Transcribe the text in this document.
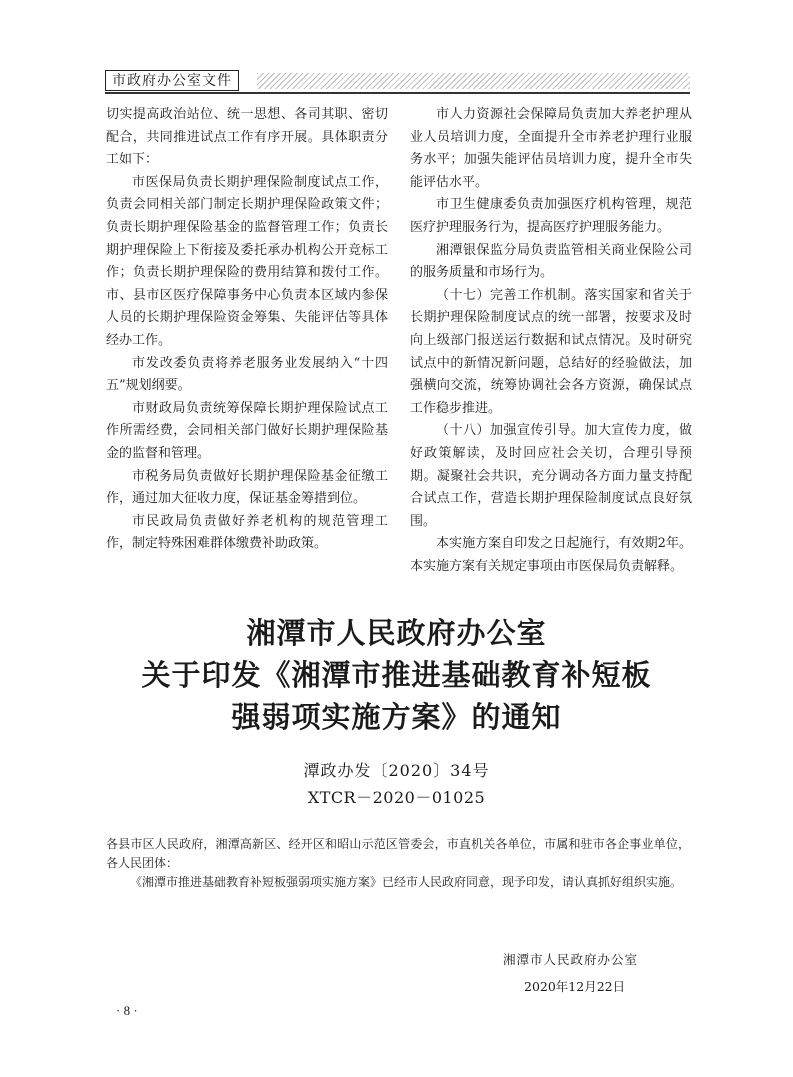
市政府办公室文件

切实提高政治站位、统一思想、各司其职、密切配合，共同推进试点工作有序开展。具体职责分工如下：

市医保局负责长期护理保险制度试点工作，负责会同相关部门制定长期护理保险政策文件；负责长期护理保险基金的监督管理工作；负责长期护理保险上下衔接及委托承办机构公开竞标工作；负责长期护理保险的费用结算和拨付工作。市、县市区医疗保障事务中心负责本区域内参保人员的长期护理保险资金筹集、失能评估等具体经办工作。

市发改委负责将养老服务业发展纳入“十四五”规划纲要。

市财政局负责统筹保障长期护理保险试点工作所需经费，会同相关部门做好长期护理保险基金的监督和管理。

市税务局负责做好长期护理保险基金征缴工作，通过加大征收力度，保证基金筹措到位。

市民政局负责做好养老机构的规范管理工作，制定特殊困难群体缴费补助政策。

市人力资源社会保障局负责加大养老护理从业人员培训力度，全面提升全市养老护理行业服务水平；加强失能评估员培训力度，提升全市失能评估水平。

市卫生健康委负责加强医疗机构管理，规范医疗护理服务行为，提高医疗护理服务能力。

湘潭银保监分局负责监管相关商业保险公司的服务质量和市场行为。

（十七）完善工作机制。落实国家和省关于长期护理保险制度试点的统一部署，按要求及时向上级部门报送运行数据和试点情况。及时研究试点中的新情况新问题，总结好的经验做法，加强横向交流，统筹协调社会各方资源，确保试点工作稳步推进。

（十八）加强宣传引导。加大宣传力度，做好政策解读，及时回应社会关切，合理引导预期。凝聚社会共识，充分调动各方面力量支持配合试点工作，营造长期护理保险制度试点良好氛围。

本实施方案自印发之日起施行，有效期2年。本实施方案有关规定事项由市医保局负责解释。

湘潭市人民政府办公室
关于印发《湘潭市推进基础教育补短板
强弱项实施方案》的通知
潭政办发〔2020〕34号
XTCR－2020－01025

各县市区人民政府，湘潭高新区、经开区和昭山示范区管委会，市直机关各单位，市属和驻市各企事业单位，各人民团体：

《湘潭市推进基础教育补短板强弱项实施方案》已经市人民政府同意，现予印发，请认真抓好组织实施。

湘潭市人民政府办公室
2020年12月22日
· 8 ·
